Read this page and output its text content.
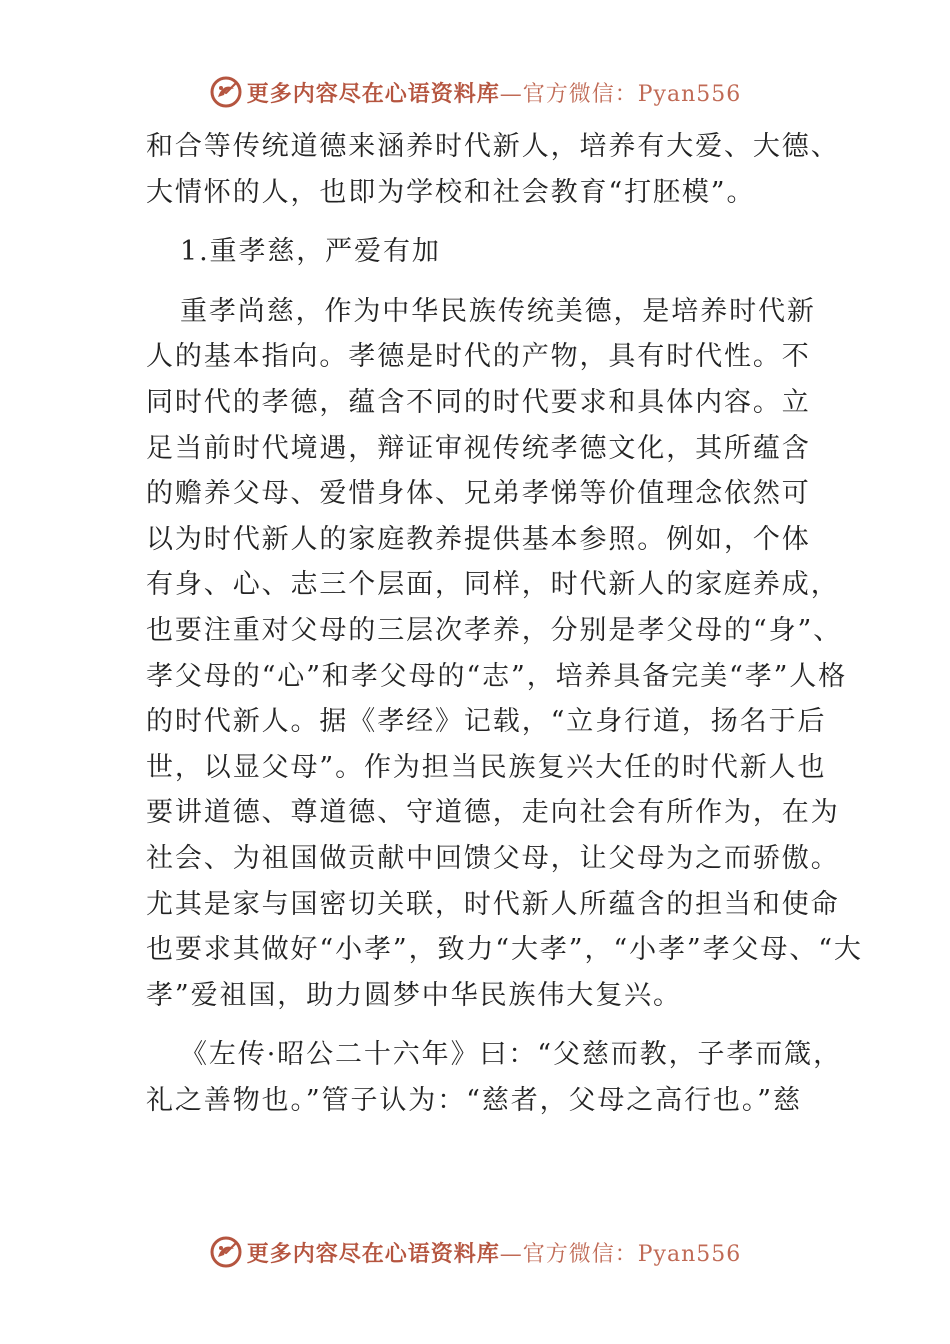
更多内容尽在心语资料库—官方微信：Pyan556
和合等传统道德来涵养时代新人，培养有大爱、大德、
大情怀的人，也即为学校和社会教育“打胚模”。
1.重孝慈，严爱有加
重孝尚慈，作为中华民族传统美德，是培养时代新
人的基本指向。孝德是时代的产物，具有时代性。不
同时代的孝德，蕴含不同的时代要求和具体内容。立
足当前时代境遇，辩证审视传统孝德文化，其所蕴含
的赡养父母、爱惜身体、兄弟孝悌等价值理念依然可
以为时代新人的家庭教养提供基本参照。例如，个体
有身、心、志三个层面，同样，时代新人的家庭养成，
也要注重对父母的三层次孝养，分别是孝父母的“身”、
孝父母的“心”和孝父母的“志”，培养具备完美“孝”人格
的时代新人。据《孝经》记载，“立身行道，扬名于后
世，以显父母”。作为担当民族复兴大任的时代新人也
要讲道德、尊道德、守道德，走向社会有所作为，在为
社会、为祖国做贡献中回馈父母，让父母为之而骄傲。
尤其是家与国密切关联，时代新人所蕴含的担当和使命
也要求其做好“小孝”，致力“大孝”，“小孝”孝父母、“大
孝”爱祖国，助力圆梦中华民族伟大复兴。
《左传·昭公二十六年》曰：“父慈而教，子孝而箴，
礼之善物也。”管子认为：“慈者，父母之高行也。”慈
更多内容尽在心语资料库—官方微信：Pyan556
